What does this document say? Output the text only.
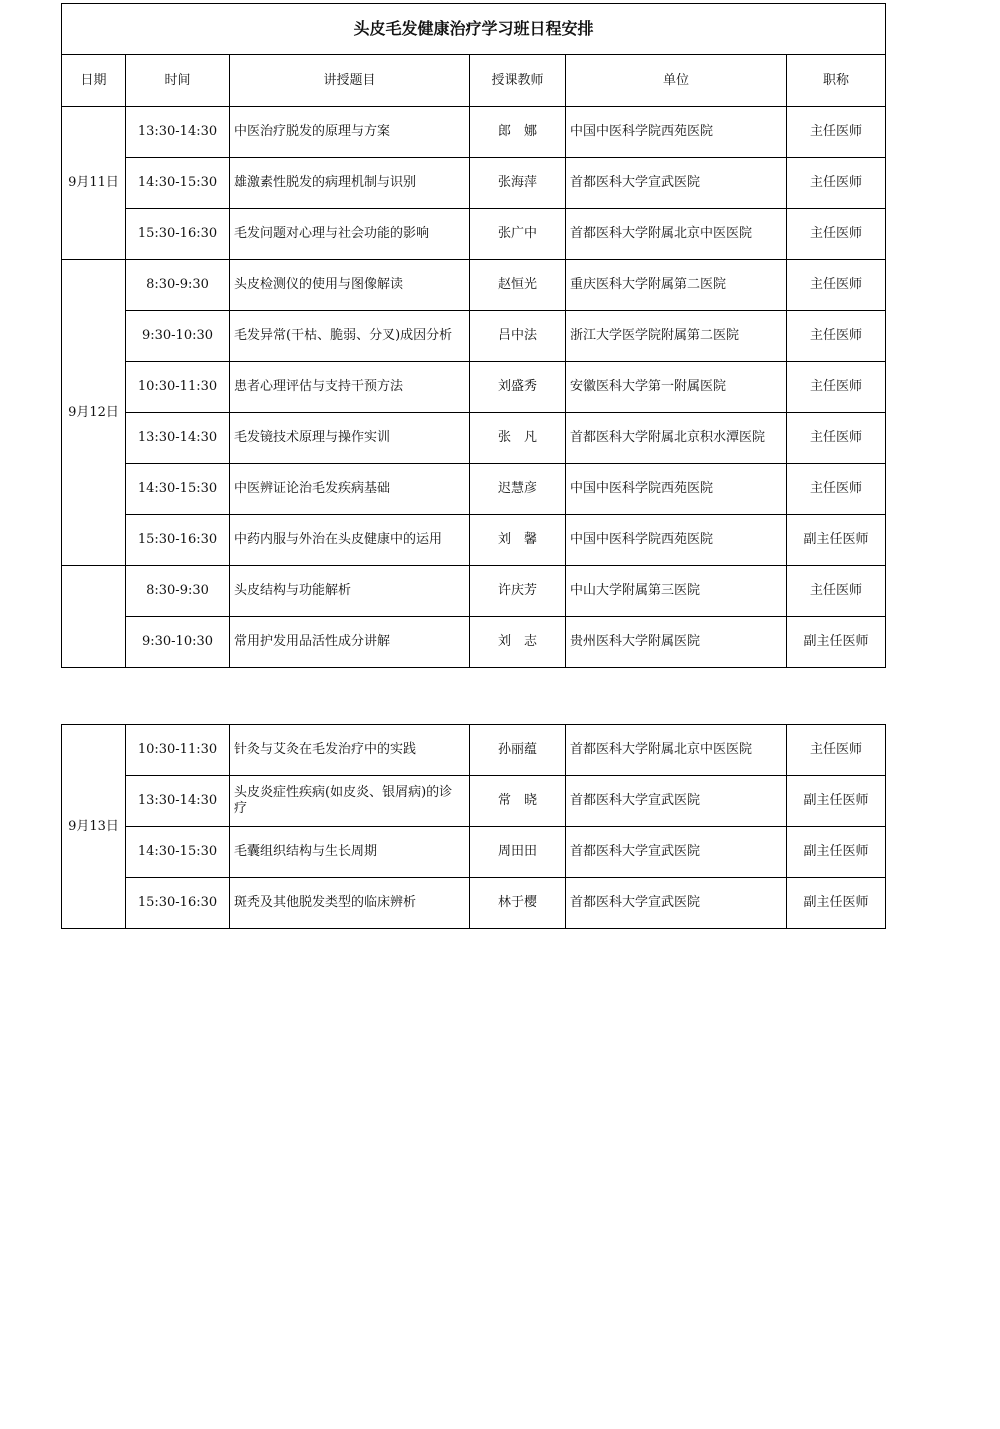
头皮毛发健康治疗学习班日程安排					
日期	时间	讲授题目	授课教师	单位	职称
9月11日	13:30-14:30	中医治疗脱发的原理与方案	郎　娜	中国中医科学院西苑医院	主任医师
	14:30-15:30	雄激素性脱发的病理机制与识别	张海萍	首都医科大学宣武医院	主任医师
	15:30-16:30	毛发问题对心理与社会功能的影响	张广中	首都医科大学附属北京中医医院	主任医师
9月12日	8:30-9:30	头皮检测仪的使用与图像解读	赵恒光	重庆医科大学附属第二医院	主任医师
	9:30-10:30	毛发异常(干枯、脆弱、分叉)成因分析	吕中法	浙江大学医学院附属第二医院	主任医师
	10:30-11:30	患者心理评估与支持干预方法	刘盛秀	安徽医科大学第一附属医院	主任医师
	13:30-14:30	毛发镜技术原理与操作实训	张　凡	首都医科大学附属北京积水潭医院	主任医师
	14:30-15:30	中医辨证论治毛发疾病基础	迟慧彦	中国中医科学院西苑医院	主任医师
	15:30-16:30	中药内服与外治在头皮健康中的运用	刘　馨	中国中医科学院西苑医院	副主任医师
	8:30-9:30	头皮结构与功能解析	许庆芳	中山大学附属第三医院	主任医师
	9:30-10:30	常用护发用品活性成分讲解	刘　志	贵州医科大学附属医院	副主任医师
9月13日	10:30-11:30	针灸与艾灸在毛发治疗中的实践	孙丽蕴	首都医科大学附属北京中医医院	主任医师
	13:30-14:30	头皮炎症性疾病(如皮炎、银屑病)的诊疗	常　晓	首都医科大学宣武医院	副主任医师
	14:30-15:30	毛囊组织结构与生长周期	周田田	首都医科大学宣武医院	副主任医师
	15:30-16:30	斑秃及其他脱发类型的临床辨析	林于樱	首都医科大学宣武医院	副主任医师
